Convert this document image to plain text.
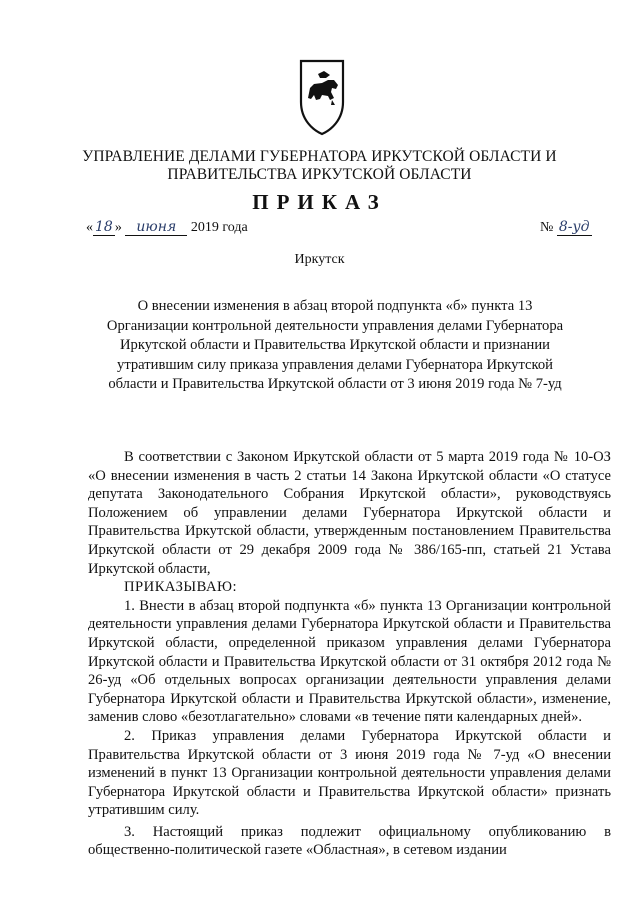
УПРАВЛЕНИЕ ДЕЛАМИ ГУБЕРНАТОРА ИРКУТСКОЙ ОБЛАСТИ И ПРАВИТЕЛЬСТВА ИРКУТСКОЙ ОБЛАСТИ
ПРИКАЗ
« 18 » июня 2019 года	№ 8-уд
Иркутск
О внесении изменения в абзац второй подпункта «б» пункта 13 Организации контрольной деятельности управления делами Губернатора Иркутской области и Правительства Иркутской области и признании утратившим силу приказа управления делами Губернатора Иркутской области и Правительства Иркутской области от 3 июня 2019 года № 7-уд

В соответствии с Законом Иркутской области от 5 марта 2019 года № 10-ОЗ «О внесении изменения в часть 2 статьи 14 Закона Иркутской области «О статусе депутата Законодательного Собрания Иркутской области», руководствуясь Положением об управлении делами Губернатора Иркутской области и Правительства Иркутской области, утвержденным постановлением Правительства Иркутской области от 29 декабря 2009 года № 386/165-пп, статьей 21 Устава Иркутской области,

ПРИКАЗЫВАЮ:

1. Внести в абзац второй подпункта «б» пункта 13 Организации контрольной деятельности управления делами Губернатора Иркутской области и Правительства Иркутской области, определенной приказом управления делами Губернатора Иркутской области и Правительства Иркутской области от 31 октября 2012 года № 26-уд «Об отдельных вопросах организации деятельности управления делами Губернатора Иркутской области и Правительства Иркутской области», изменение, заменив слово «безотлагательно» словами «в течение пяти календарных дней».

2. Приказ управления делами Губернатора Иркутской области и Правительства Иркутской области от 3 июня 2019 года № 7-уд «О внесении изменений в пункт 13 Организации контрольной деятельности управления делами Губернатора Иркутской области и Правительства Иркутской области» признать утратившим силу.

3. Настоящий приказ подлежит официальному опубликованию в общественно-политической газете «Областная», в сетевом издании
